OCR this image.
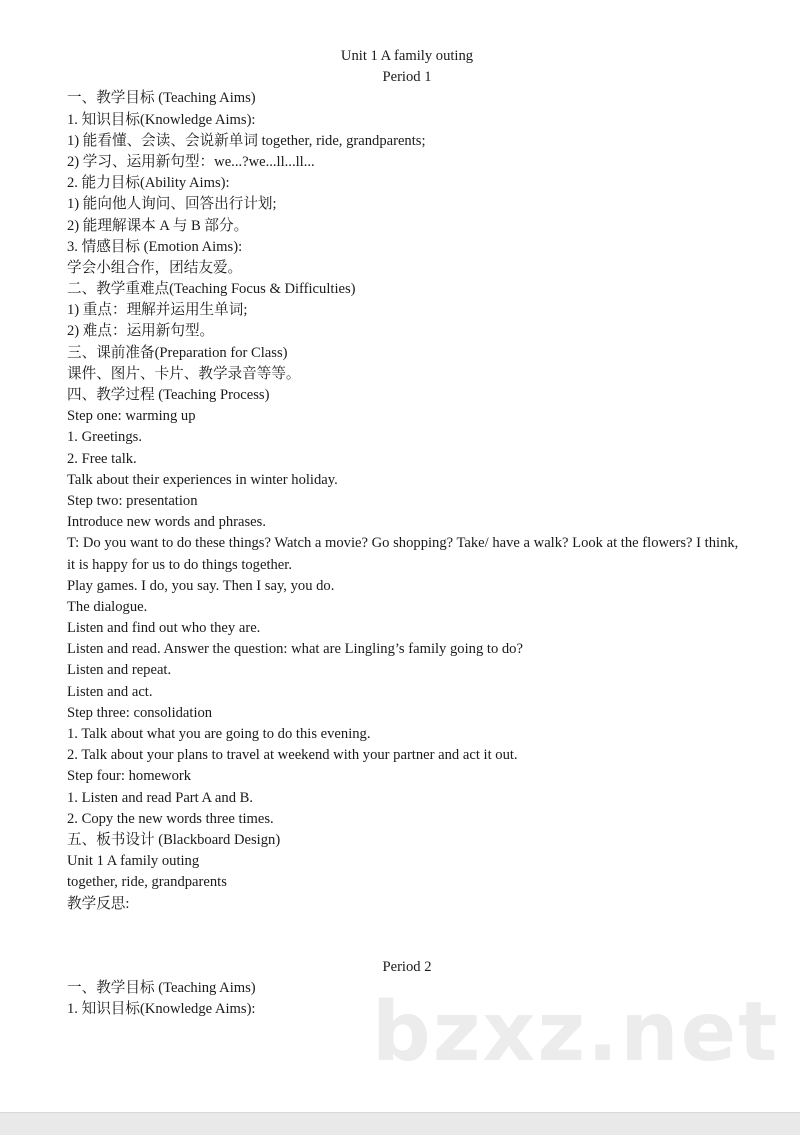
Unit 1 A family outing
Period 1
一、教学目标 (Teaching Aims)
1. 知识目标(Knowledge Aims):
1) 能看懂、会读、会说新单词 together, ride, grandparents;
2) 学习、运用新句型：we...?we...ll...ll...
2. 能力目标(Ability Aims):
1) 能向他人询问、回答出行计划;
2) 能理解课本 A 与 B 部分。
3. 情感目标 (Emotion Aims):
学会小组合作，团结友爱。
二、教学重难点(Teaching Focus & Difficulties)
1) 重点：理解并运用生单词;
2) 难点：运用新句型。
三、课前准备(Preparation for Class)
课件、图片、卡片、教学录音等等。
四、教学过程 (Teaching Process)
Step one: warming up
1. Greetings.
2. Free talk.
Talk about their experiences in winter holiday.
Step two: presentation
Introduce new words and phrases.
T: Do you want to do these things? Watch a movie? Go shopping? Take/ have a walk? Look at the flowers? I think, it is happy for us to do things together.
Play games. I do, you say. Then I say, you do.
The dialogue.
Listen and find out who they are.
Listen and read. Answer the question: what are Lingling’s family going to do?
Listen and repeat.
Listen and act.
Step three: consolidation
1. Talk about what you are going to do this evening.
2. Talk about your plans to travel at weekend with your partner and act it out.
Step four: homework
1. Listen and read Part A and B.
2. Copy the new words three times.
五、板书设计 (Blackboard Design)
Unit 1 A family outing
together, ride, grandparents
教学反思:
Period 2
一、教学目标 (Teaching Aims)
1. 知识目标(Knowledge Aims):	bzxz.net
